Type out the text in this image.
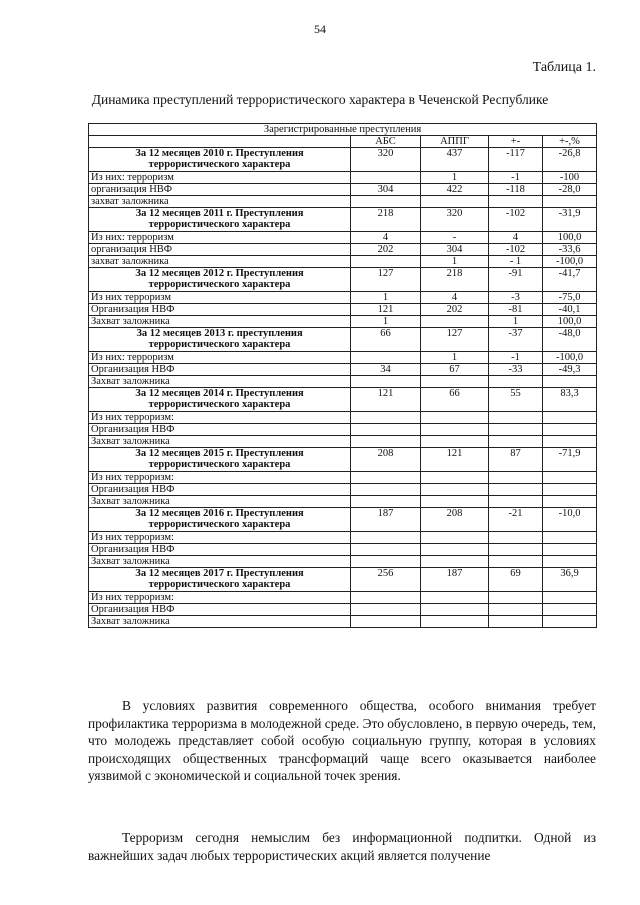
54
Таблица 1.
Динамика преступлений террористического характера в Чеченской Республике
Зарегистрированные преступления				
	АБС	АППГ	+-	+-,%
За 12 месяцев 2010 г. Преступления террористического характера	320	437	-117	-26,8
Из них: терроризм		1	-1	-100
организация НВФ	304	422	-118	-28,0
захват заложника				
За 12 месяцев 2011 г. Преступления террористического характера	218	320	-102	-31,9
Из них: терроризм	4	-	4	100,0
организация НВФ	202	304	-102	-33,6
захват заложника		1	- 1	-100,0
За 12 месяцев 2012 г. Преступления террористического характера	127	218	-91	-41,7
Из них терроризм	1	4	-3	-75,0
Организация НВФ	121	202	-81	-40,1
Захват заложника	1		1	100,0
За 12 месяцев 2013 г. преступления террористического характера	66	127	-37	-48,0
Из них: терроризм		1	-1	-100,0
Организация НВФ	34	67	-33	-49,3
Захват заложника				
За 12 месяцев 2014 г. Преступления террористического характера	121	66	55	83,3
Из них терроризм:				
Организация НВФ				
Захват заложника				
За 12 месяцев 2015 г. Преступления террористического характера	208	121	87	-71,9
Из них терроризм:				
Организация НВФ				
Захват заложника				
За 12 месяцев 2016 г. Преступления террористического характера	187	208	-21	-10,0
Из них терроризм:				
Организация НВФ				
Захват заложника				
За 12 месяцев 2017 г. Преступления террористического характера	256	187	69	36,9
Из них терроризм:				
Организация НВФ				
Захват заложника				

В условиях развития современного общества, особого внимания требует профилактика терроризма в молодежной среде. Это обусловлено, в первую очередь, тем, что молодежь представляет собой особую социальную группу, которая в условиях происходящих общественных трансформаций чаще всего оказывается наиболее уязвимой с экономической и социальной точек зрения.

Терроризм сегодня немыслим без информационной подпитки. Одной из важнейших задач любых террористических акций является получение
